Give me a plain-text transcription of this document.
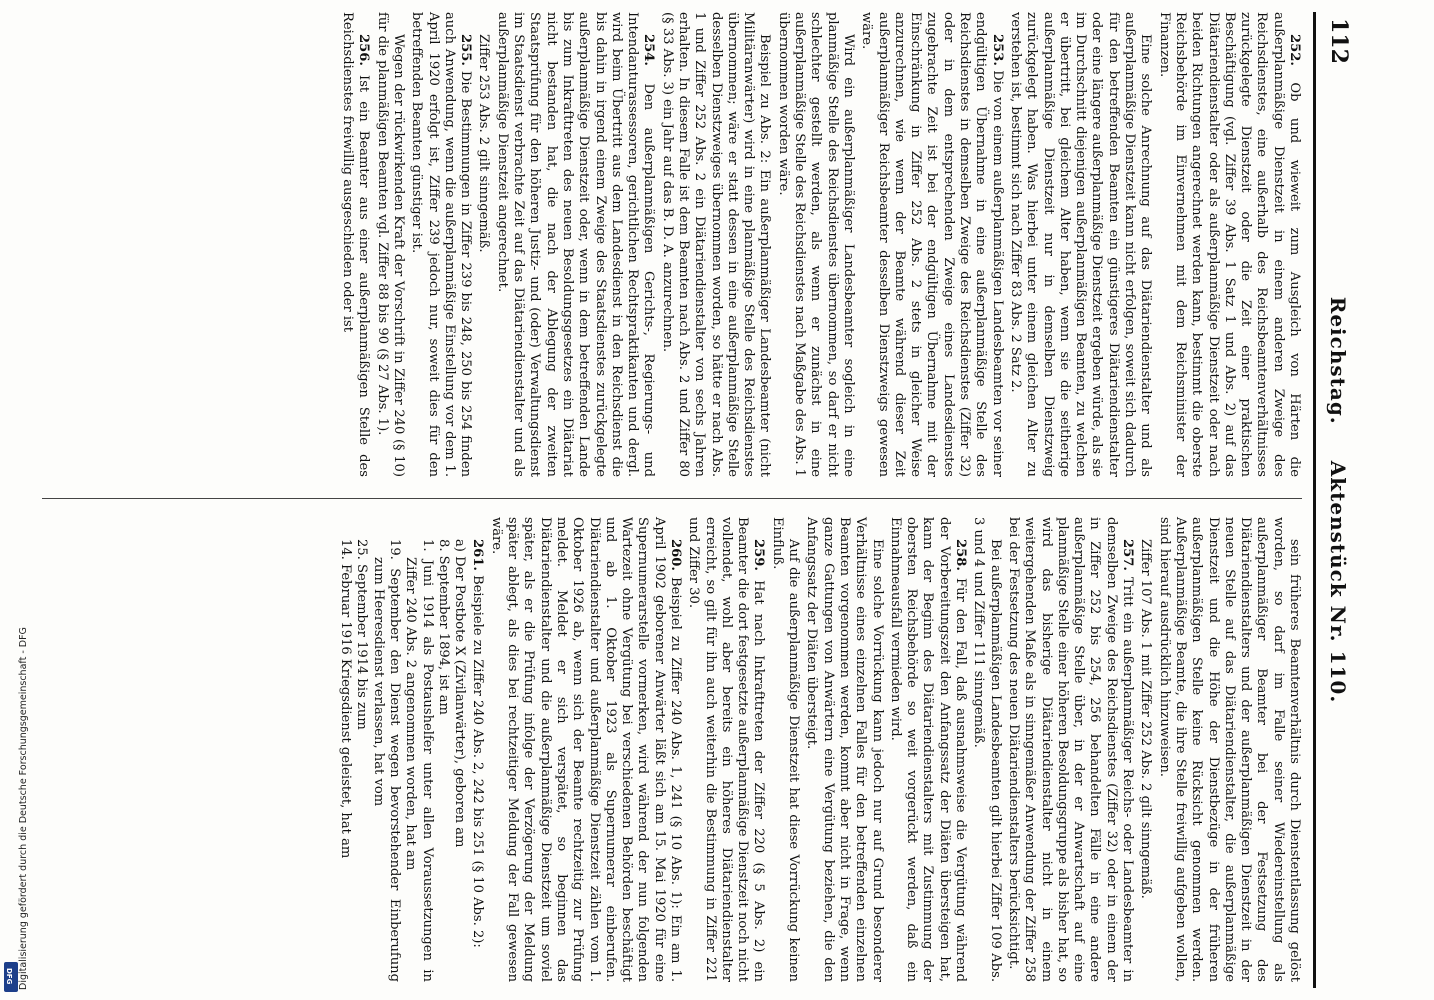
112
Reichstag. Aktenstück Nr. 110.

252. Ob und wieweit zum Ausgleich von Härten die außerplanmäßige Dienstzeit in einem anderen Zweige des Reichsdienstes, eine außerhalb des Reichsbeamtenverhältnisses zurückgelegte Dienstzeit oder die Zeit einer praktischen Beschäftigung (vgl. Ziffer 39 Abs. 1 Satz 1 und Abs. 2) auf das Diätariendienstalter oder als außerplanmäßige Dienstzeit oder nach beiden Richtungen angerechnet werden kann, bestimmt die oberste Reichsbehörde im Einvernehmen mit dem Reichsminister der Finanzen.

Eine solche Anrechnung auf das Diätariendienstalter und als außerplanmäßige Dienstzeit kann nicht erfolgen, soweit sich dadurch für den betreffenden Beamten ein günstigeres Diätariendienstalter oder eine längere außerplanmäßige Dienstzeit ergeben würde, als sie im Durchschnitt diejenigen außerplanmäßigen Beamten, zu welchen er übertritt, bei gleichem Alter haben, wenn sie die seitherige außerplanmäßige Dienstzeit nur in demselben Dienstzweig zurückgelegt haben. Was hierbei unter einem gleichen Alter zu verstehen ist, bestimmt sich nach Ziffer 83 Abs. 2 Satz 2.

253. Die von einem außerplanmäßigen Landesbeamten vor seiner endgültigen Übernahme in eine außerplanmäßige Stelle des Reichsdienstes in demselben Zweige des Reichsdienstes (Ziffer 32) oder in dem entsprechenden Zweige eines Landesdienstes zugebrachte Zeit ist bei der endgültigen Übernahme mit der Einschränkung in Ziffer 252 Abs. 2 stets in gleicher Weise anzurechnen, wie wenn der Beamte während dieser Zeit außerplanmäßiger Reichsbeamter desselben Dienstzweigs gewesen wäre.

Wird ein außerplanmäßiger Landesbeamter sogleich in eine planmäßige Stelle des Reichsdienstes übernommen, so darf er nicht schlechter gestellt werden, als wenn er zunächst in eine außerplanmäßige Stelle des Reichsdienstes nach Maßgabe des Abs. 1 übernommen worden wäre.

Beispiel zu Abs. 2: Ein außerplanmäßiger Landesbeamter (nicht Militäranwärter) wird in eine planmäßige Stelle des Reichsdienstes übernommen; wäre er statt dessen in eine außerplanmäßige Stelle desselben Dienstzweiges übernommen worden, so hätte er nach Abs. 1 und Ziffer 252 Abs. 2 ein Diätariendienstalter von sechs Jahren erhalten. In diesem Falle ist dem Beamten nach Abs. 2 und Ziffer 80 (§ 33 Abs. 3) ein Jahr auf das B. D. A. anzurechnen.

254. Den außerplanmäßigen Gerichts-, Regierungs- und Intendanturassessoren, gerichtlichen Rechtspraktikanten und dergl. wird beim Übertritt aus dem Landesdienst in den Reichsdienst die bis dahin in irgend einem Zweige des Staatsdienstes zurückgelegte außerplanmäßige Dienstzeit oder, wenn in dem betreffenden Lande bis zum Inkrafttreten des neuen Besoldungsgesetzes ein Diätariat nicht bestanden hat, die nach der Ablegung der zweiten Staatsprüfung für den höheren Justiz- und (oder) Verwaltungsdienst im Staatsdienst verbrachte Zeit auf das Diätariendienstalter und als außerplanmäßige Dienstzeit angerechnet.

Ziffer 253 Abs. 2 gilt sinngemäß.

255. Die Bestimmungen in Ziffer 239 bis 248, 250 bis 254 finden auch Anwendung, wenn die außerplanmäßige Einstellung vor dem 1. April 1920 erfolgt ist, Ziffer 239 jedoch nur, soweit dies für den betreffenden Beamten günstiger ist.

Wegen der rückwirkenden Kraft der Vorschrift in Ziffer 240 (§ 10) für die planmäßigen Beamten vgl. Ziffer 88 bis 90 (§ 27 Abs. 1).

256. Ist ein Beamter aus einer außerplanmäßigen Stelle des Reichsdienstes freiwillig ausgeschieden oder ist

sein früheres Beamtenverhältnis durch Dienstentlassung gelöst worden, so darf im Falle seiner Wiedereinstellung als außerplanmäßiger Beamter bei der Festsetzung des Diätariendienstalters und der außerplanmäßigen Dienstzeit in der neuen Stelle auf das Diätariendienstalter, die außerplanmäßige Dienstzeit und die Höhe der Dienstbezüge in der früheren außerplanmäßigen Stelle keine Rücksicht genommen werden. Außerplanmäßige Beamte, die ihre Stelle freiwillig aufgeben wollen, sind hierauf ausdrücklich hinzuweisen.

Ziffer 107 Abs. 1 mit Ziffer 252 Abs. 2 gilt sinngemäß.

257. Tritt ein außerplanmäßiger Reichs- oder Landesbeamter in demselben Zweige des Reichsdienstes (Ziffer 32) oder in einem der in Ziffer 252 bis 254, 256 behandelten Fälle in eine andere außerplanmäßige Stelle über, in der er Anwartschaft auf eine planmäßige Stelle einer höheren Besoldungsgruppe als bisher hat, so wird das bisherige Diätariendienstalter nicht in einem weitergehenden Maße als in sinngemäßer Anwendung der Ziffer 258 bei der Festsetzung des neuen Diätariendienstalters berücksichtigt.

Bei außerplanmäßigen Landesbeamten gilt hierbei Ziffer 109 Abs. 3 und 4 und Ziffer 111 sinngemäß.

258. Für den Fall, daß ausnahmsweise die Vergütung während der Vorbereitungszeit den Anfangssatz der Diäten übersteigen hat, kann der Beginn des Diätariendienstalters mit Zustimmung der obersten Reichsbehörde so weit vorgerückt werden, daß ein Einnahmeausfall vermieden wird.

Eine solche Vorrückung kann jedoch nur auf Grund besonderer Verhältnisse eines einzelnen Falles für den betreffenden einzelnen Beamten vorgenommen werden, kommt aber nicht in Frage, wenn ganze Gattungen von Anwärtern eine Vergütung beziehen, die den Anfangssatz der Diäten übersteigt.

Auf die außerplanmäßige Dienstzeit hat diese Vorrückung keinen Einfluß.

259. Hat nach Inkrafttreten der Ziffer 220 (§ 5 Abs. 2) ein Beamter die dort festgesetzte außerplanmäßige Dienstzeit noch nicht vollendet, wohl aber bereits ein höheres Diätariendienstalter erreicht, so gilt für ihn auch weiterhin die Bestimmung in Ziffer 221 und Ziffer 30.

260. Beispiel zu Ziffer 240 Abs. 1, 241 (§ 10 Abs. 1): Ein am 1. April 1902 geborener Anwärter läßt sich am 15. Mai 1920 für eine Supernumerarstelle vormerken, wird während der nun folgenden Wartezeit ohne Vergütung bei verschiedenen Behörden beschäftigt und ab 1. Oktober 1923 als Supernumerar einberufen. Diätariendienstalter und außerplanmäßige Dienstzeit zählen vom 1. Oktober 1926 ab, wenn sich der Beamte rechtzeitig zur Prüfung meldet. Meldet er sich verspätet, so beginnen das Diätariendienstalter und die außerplanmäßige Dienstzeit um soviel später, als er die Prüfung infolge der Verzögerung der Meldung später ablegt, als dies bei rechtzeitiger Meldung der Fall gewesen wäre.

261. Beispiele zu Ziffer 240 Abs. 2, 242 bis 251 (§ 10 Abs. 2):

a) Der Postbote X (Zivilanwärter), geboren am

8. September 1894, ist am

1. Juni 1914 als Postaushelfer unter allen Voraussetzungen in Ziffer 240 Abs. 2 angenommen worden, hat am

19. September den Dienst wegen bevorstehender Einberufung zum Heeresdienst verlassen, hat vom

25. September 1914 bis zum

14. Februar 1916 Kriegsdienst geleistet, hat am

Digitalisierung gefördert durch die Deutsche Forschungsgemeinschaft - DFG
DFG
